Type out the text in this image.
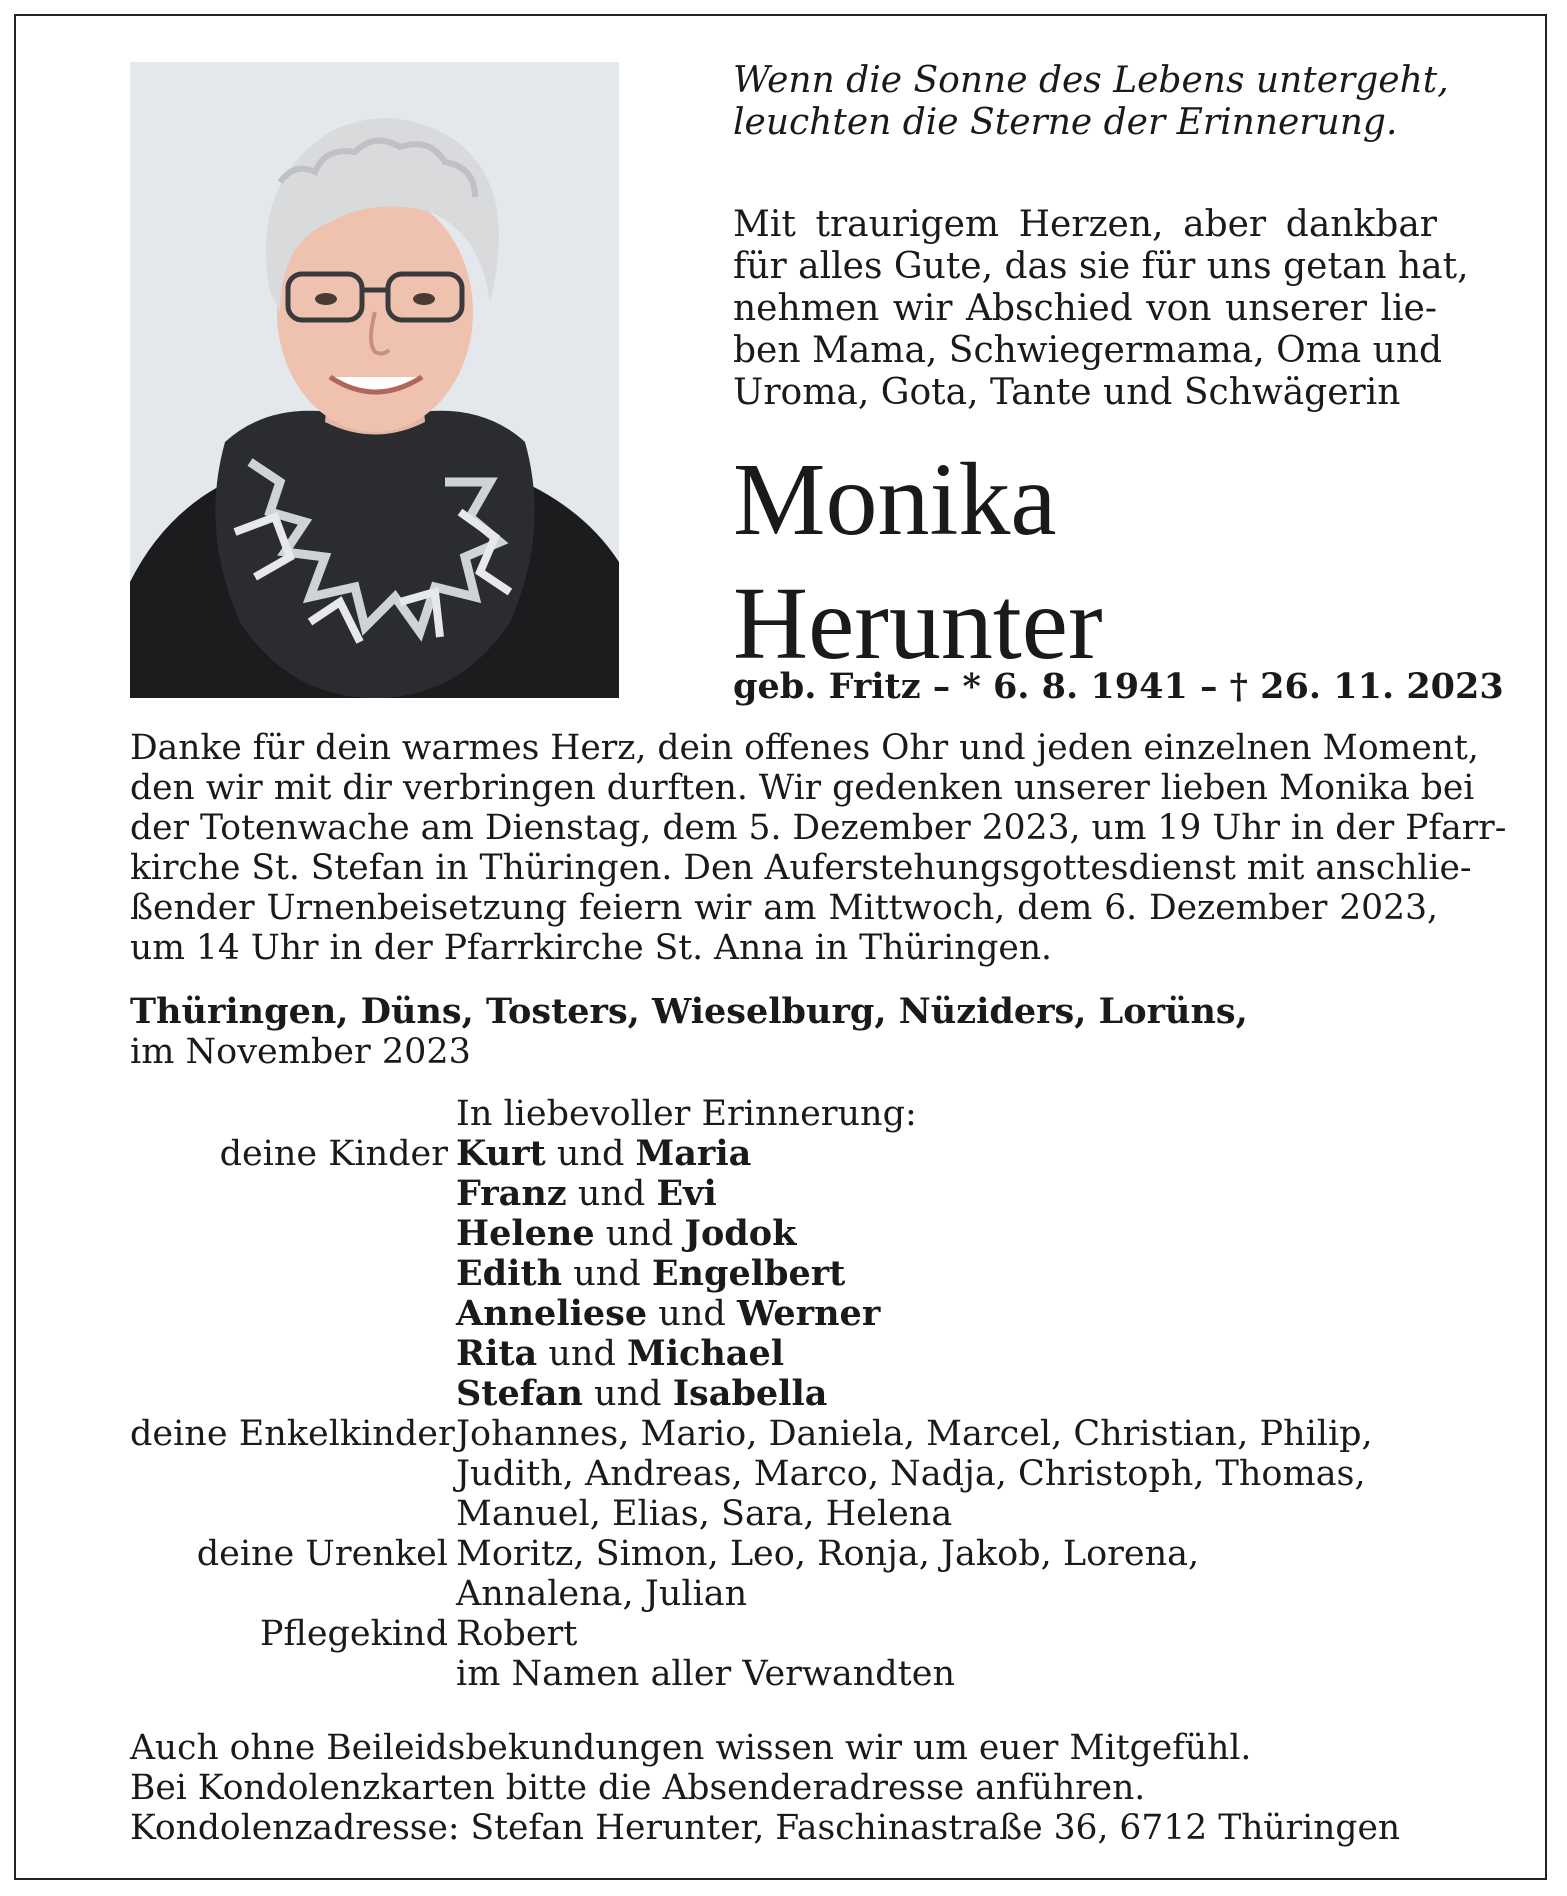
Wenn die Sonne des Lebens untergeht,
leuchten die Sterne der Erinnerung.
Mit traurigem Herzen, aber dankbar
für alles Gute, das sie für uns getan hat,
nehmen wir Abschied von unserer lie-
ben Mama, Schwiegermama, Oma und
Uroma, Gota, Tante und Schwägerin
Monika
Herunter
geb. Fritz – * 6. 8. 1941 – † 26. 11. 2023
Danke für dein warmes Herz, dein offenes Ohr und jeden einzelnen Moment,
den wir mit dir verbringen durften. Wir gedenken unserer lieben Monika bei
der Totenwache am Dienstag, dem 5. Dezember 2023, um 19 Uhr in der Pfarr-
kirche St. Stefan in Thüringen. Den Auferstehungsgottesdienst mit anschlie-
ßender Urnenbeisetzung feiern wir am Mittwoch, dem 6. Dezember 2023,
um 14 Uhr in der Pfarrkirche St. Anna in Thüringen.
Thüringen, Düns, Tosters, Wieselburg, Nüziders, Lorüns,
im November 2023
In liebevoller Erinnerung:
deine Kinder Kurt und Maria
Franz und Evi
Helene und Jodok
Edith und Engelbert
Anneliese und Werner
Rita und Michael
Stefan und Isabella
deine Enkelkinder Johannes, Mario, Daniela, Marcel, Christian, Philip,
Judith, Andreas, Marco, Nadja, Christoph, Thomas,
Manuel, Elias, Sara, Helena
deine Urenkel Moritz, Simon, Leo, Ronja, Jakob, Lorena,
Annalena, Julian
Pflegekind Robert
im Namen aller Verwandten
Auch ohne Beileidsbekundungen wissen wir um euer Mitgefühl.
Bei Kondolenzkarten bitte die Absenderadresse anführen.
Kondolenzadresse: Stefan Herunter, Faschinastraße 36, 6712 Thüringen
